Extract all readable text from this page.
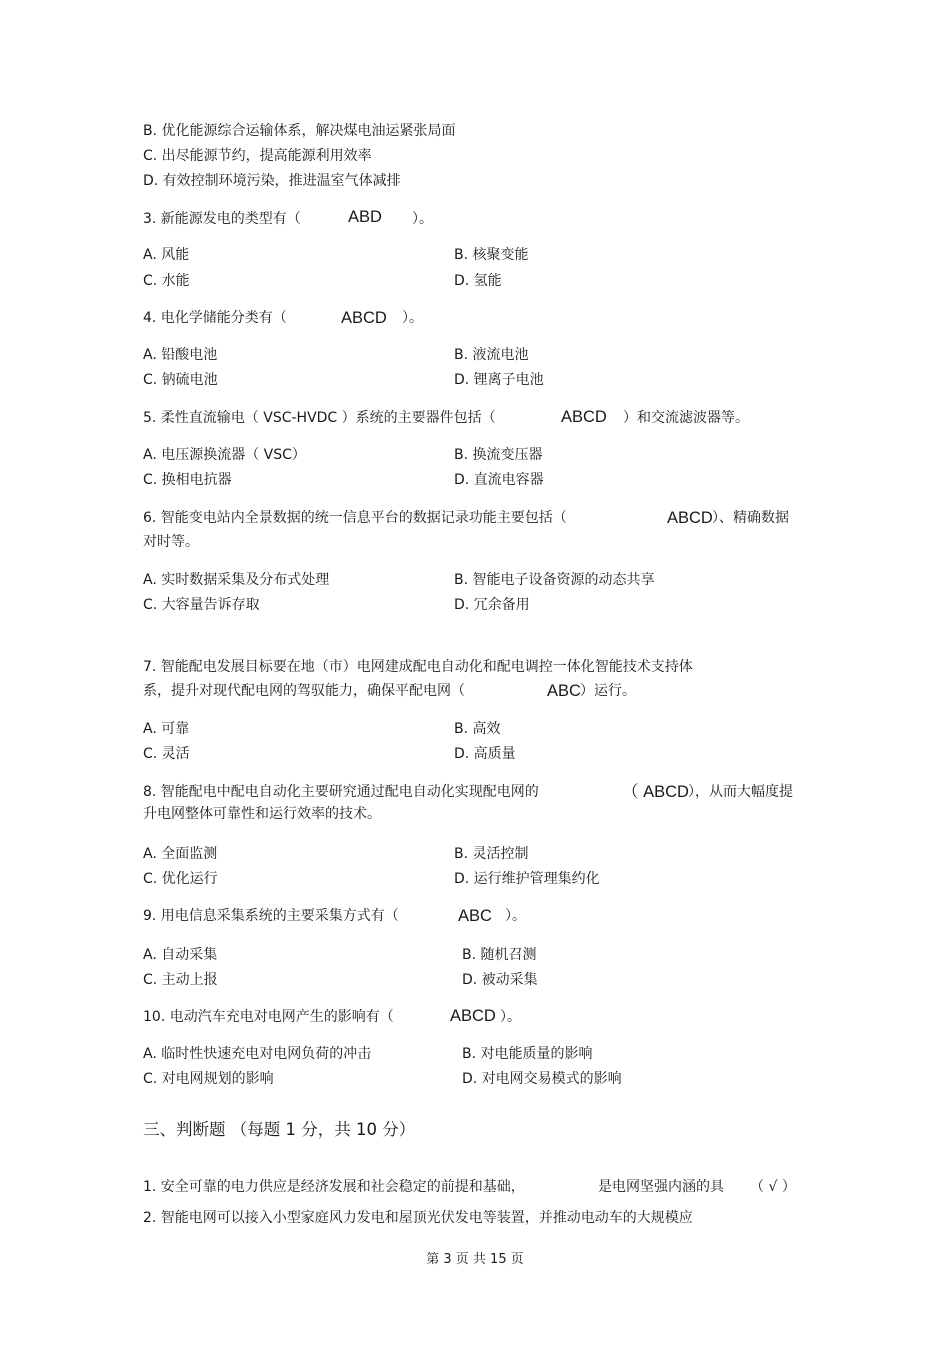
B. 优化能源综合运输体系，解决煤电油运紧张局面
C. 出尽能源节约，提高能源利用效率
D. 有效控制环境污染，推进温室气体减排
3. 新能源发电的类型有（	ABD ）。
A. 风能	B. 核聚变能
C. 水能	D. 氢能
4. 电化学储能分类有（	ABCD ）。
A. 铅酸电池	B. 液流电池
C. 钠硫电池	D. 锂离子电池
5. 柔性直流输电（ VSC-HVDC ）系统的主要器件包括（	ABCD ）和交流滤波器等。
A. 电压源换流器（ VSC）	B. 换流变压器
C. 换相电抗器	D. 直流电容器
6. 智能变电站内全景数据的统一信息平台的数据记录功能主要包括（	ABCD ）、精确数据
对时等。
A. 实时数据采集及分布式处理	B. 智能电子设备资源的动态共享
C. 大容量告诉存取	D. 冗余备用
7. 智能配电发展目标要在地（市）电网建成配电自动化和配电调控一体化智能技术支持体
系，提升对现代配电网的驾驭能力，确保平配电网（	ABC ）运行。
A. 可靠	B. 高效
C. 灵活	D. 高质量
8. 智能配电中配电自动化主要研究通过配电自动化实现配电网的	（ ABCD ），从而大幅度提
升电网整体可靠性和运行效率的技术。
A. 全面监测	B. 灵活控制
C. 优化运行	D. 运行维护管理集约化
9. 用电信息采集系统的主要采集方式有（	ABC ）。
A. 自动采集	B. 随机召测
C. 主动上报	D. 被动采集
10. 电动汽车充电对电网产生的影响有（	ABCD ）。
A. 临时性快速充电对电网负荷的冲击	B. 对电能质量的影响
C. 对电网规划的影响	D. 对电网交易模式的影响
三、判断题 （每题 1 分，共 10 分）
1. 安全可靠的电力供应是经济发展和社会稳定的前提和基础，	是电网坚强内涵的具 （ √ ）
2. 智能电网可以接入小型家庭风力发电和屋顶光伏发电等装置，并推动电动车的大规模应
第 3 页 共 15 页
